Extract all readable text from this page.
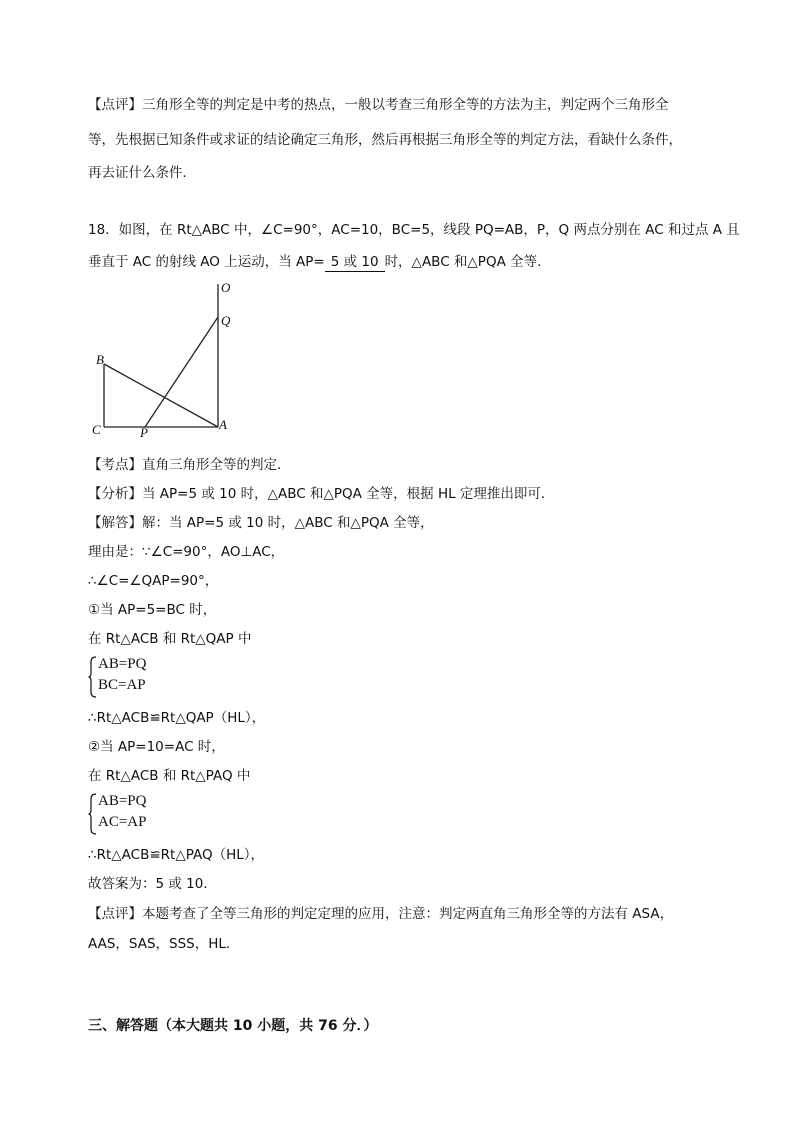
【点评】三角形全等的判定是中考的热点，一般以考查三角形全等的方法为主，判定两个三角形全
等，先根据已知条件或求证的结论确定三角形，然后再根据三角形全等的判定方法，看缺什么条件，
再去证什么条件．
18．如图，在 Rt△ABC 中，∠C=90°，AC=10，BC=5，线段 PQ=AB，P，Q 两点分别在 AC 和过点 A 且
垂直于 AC 的射线 AO 上运动，当 AP= 5 或 10 时，△ABC 和△PQA 全等．
O
Q
B
C	P
A
【考点】直角三角形全等的判定．
【分析】当 AP=5 或 10 时，△ABC 和△PQA 全等，根据 HL 定理推出即可．
【解答】解：当 AP=5 或 10 时，△ABC 和△PQA 全等，
理由是：∵∠C=90°，AO⊥AC，
∴∠C=∠QAP=90°，
①当 AP=5=BC 时，
在 Rt△ACB 和 Rt△QAP 中
AB=PQ
BC=AP
∴Rt△ACB≌Rt△QAP（HL），
②当 AP=10=AC 时，
在 Rt△ACB 和 Rt△PAQ 中
AB=PQ
AC=AP
∴Rt△ACB≌Rt△PAQ（HL），
故答案为：5 或 10．
【点评】本题考查了全等三角形的判定定理的应用，注意：判定两直角三角形全等的方法有 ASA，
AAS，SAS，SSS，HL．
三、解答题（本大题共 10 小题，共 76 分．）
